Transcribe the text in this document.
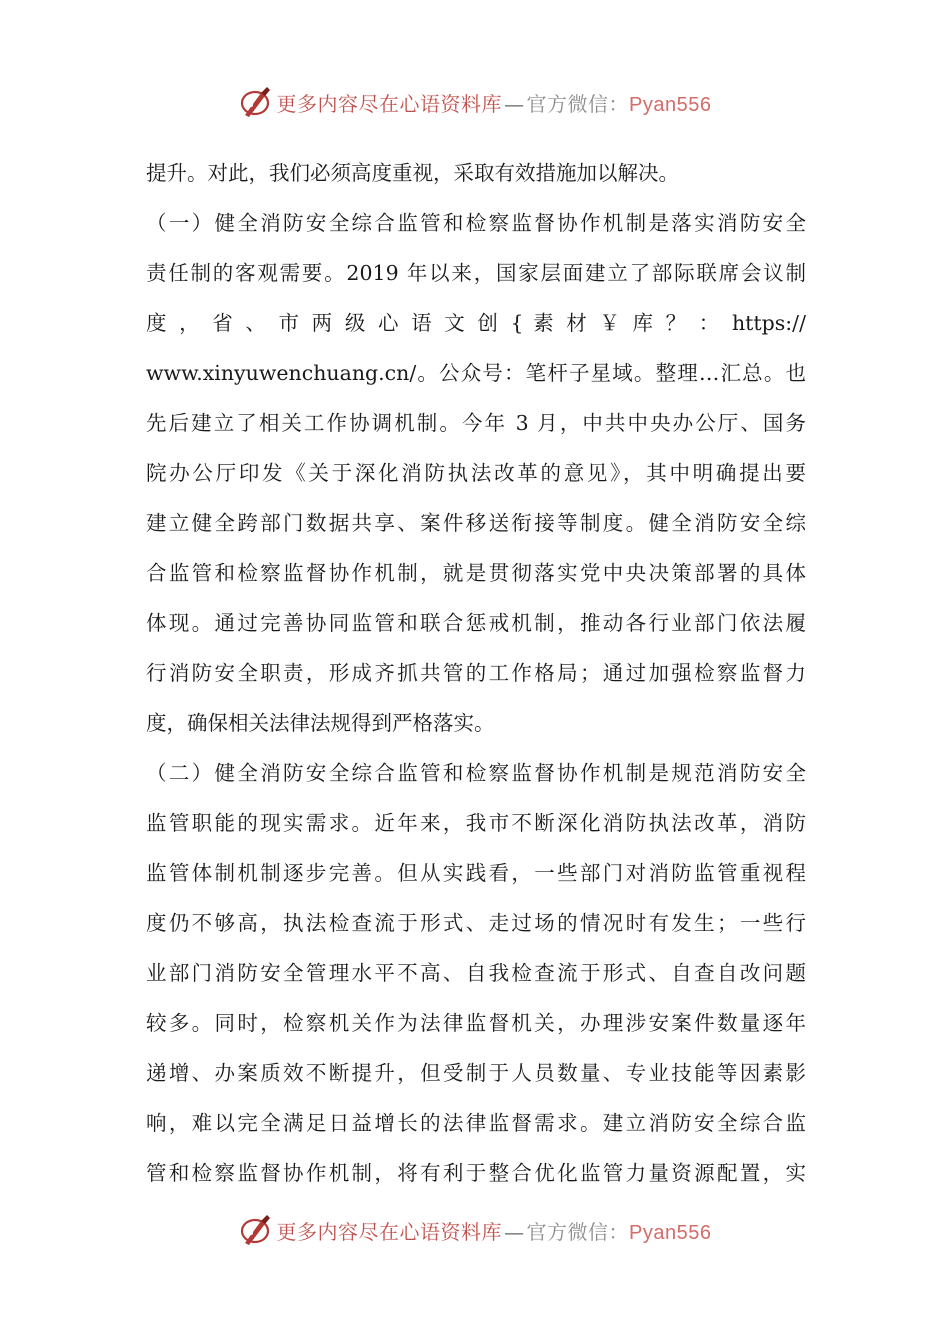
更多内容尽在心语资料库 — 官方微信：Pyan556
提升。对此，我们必须高度重视，采取有效措施加以解决。
（一）健全消防安全综合监管和检察监督协作机制是落实消防安全
责任制的客观需要。2019 年以来，国家层面建立了部际联席会议制
度 ， 省 、 市 两 级 心 语 文 创 { 素 材 ￥ 库 ？ ： https://
www.xinyuwenchuang.cn/。公众号：笔杆子星域。整理…汇总。也
先后建立了相关工作协调机制。今年 3 月，中共中央办公厅、国务
院办公厅印发《关于深化消防执法改革的意见》，其中明确提出要
建立健全跨部门数据共享、案件移送衔接等制度。健全消防安全综
合监管和检察监督协作机制，就是贯彻落实党中央决策部署的具体
体现。通过完善协同监管和联合惩戒机制，推动各行业部门依法履
行消防安全职责，形成齐抓共管的工作格局；通过加强检察监督力
度，确保相关法律法规得到严格落实。
（二）健全消防安全综合监管和检察监督协作机制是规范消防安全
监管职能的现实需求。近年来，我市不断深化消防执法改革，消防
监管体制机制逐步完善。但从实践看，一些部门对消防监管重视程
度仍不够高，执法检查流于形式、走过场的情况时有发生；一些行
业部门消防安全管理水平不高、自我检查流于形式、自查自改问题
较多。同时，检察机关作为法律监督机关，办理涉安案件数量逐年
递增、办案质效不断提升，但受制于人员数量、专业技能等因素影
响，难以完全满足日益增长的法律监督需求。建立消防安全综合监
管和检察监督协作机制，将有利于整合优化监管力量资源配置，实
更多内容尽在心语资料库 — 官方微信：Pyan556
